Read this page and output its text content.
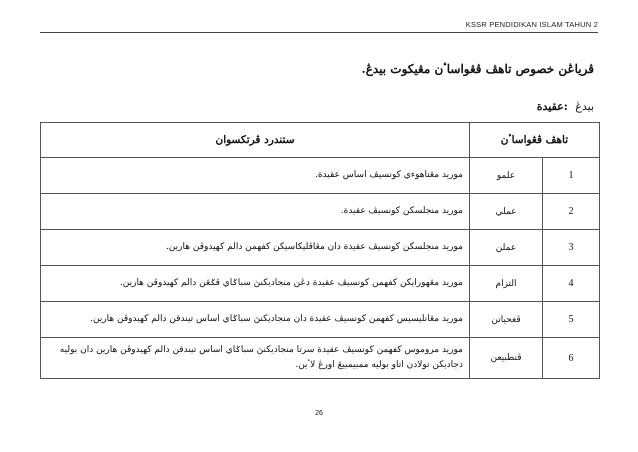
KSSR PENDIDIKAN ISLAM TAHUN 2
ڤرياڠن خصوص تاهڤ ڤڠواساٴن مڠيکوت بيدڠ.
بيدڠ :عقيدة
تاهڤ ڤڠواساٴن		ستندرد ڤرتکسوان
1	علمو	موريد مڠتاهوءي کونسيڤ اساس عقيدة.
2	عملي	موريد منجلسکن کونسيڤ عقيدة.
3	عملن	موريد منجلسکن کونسيڤ عقيدة دان مڠاڤليکاسيکن کفهمن دالم کهيدوڤن هارين.
4	التزام	موريد مڠهورايکن کفهمن کونسيڤ عقيدة دڠن منجاديکنڽ سباݢاي ڤݢڠن دالم کهيدوڤن هارين.
5	ڤغحياتن	موريد مڠانليسيس کفهمن کونسيڤ عقيدة دان منجاديکنڽ سباݢاي اساس تيندقن دالم کهيدوڤن هارين.
6	ڤنطبيعن	موريد مروموس کفهمن کونسيڤ عقيدة سرتا منجاديکنڽ سباݢاي اساس تيندقن دالم کهيدوڤن هارين دان بوليه دجاديکن تولادن اتاو بوليه ممبيمبيڠ اورڠ لاٴين.
26
